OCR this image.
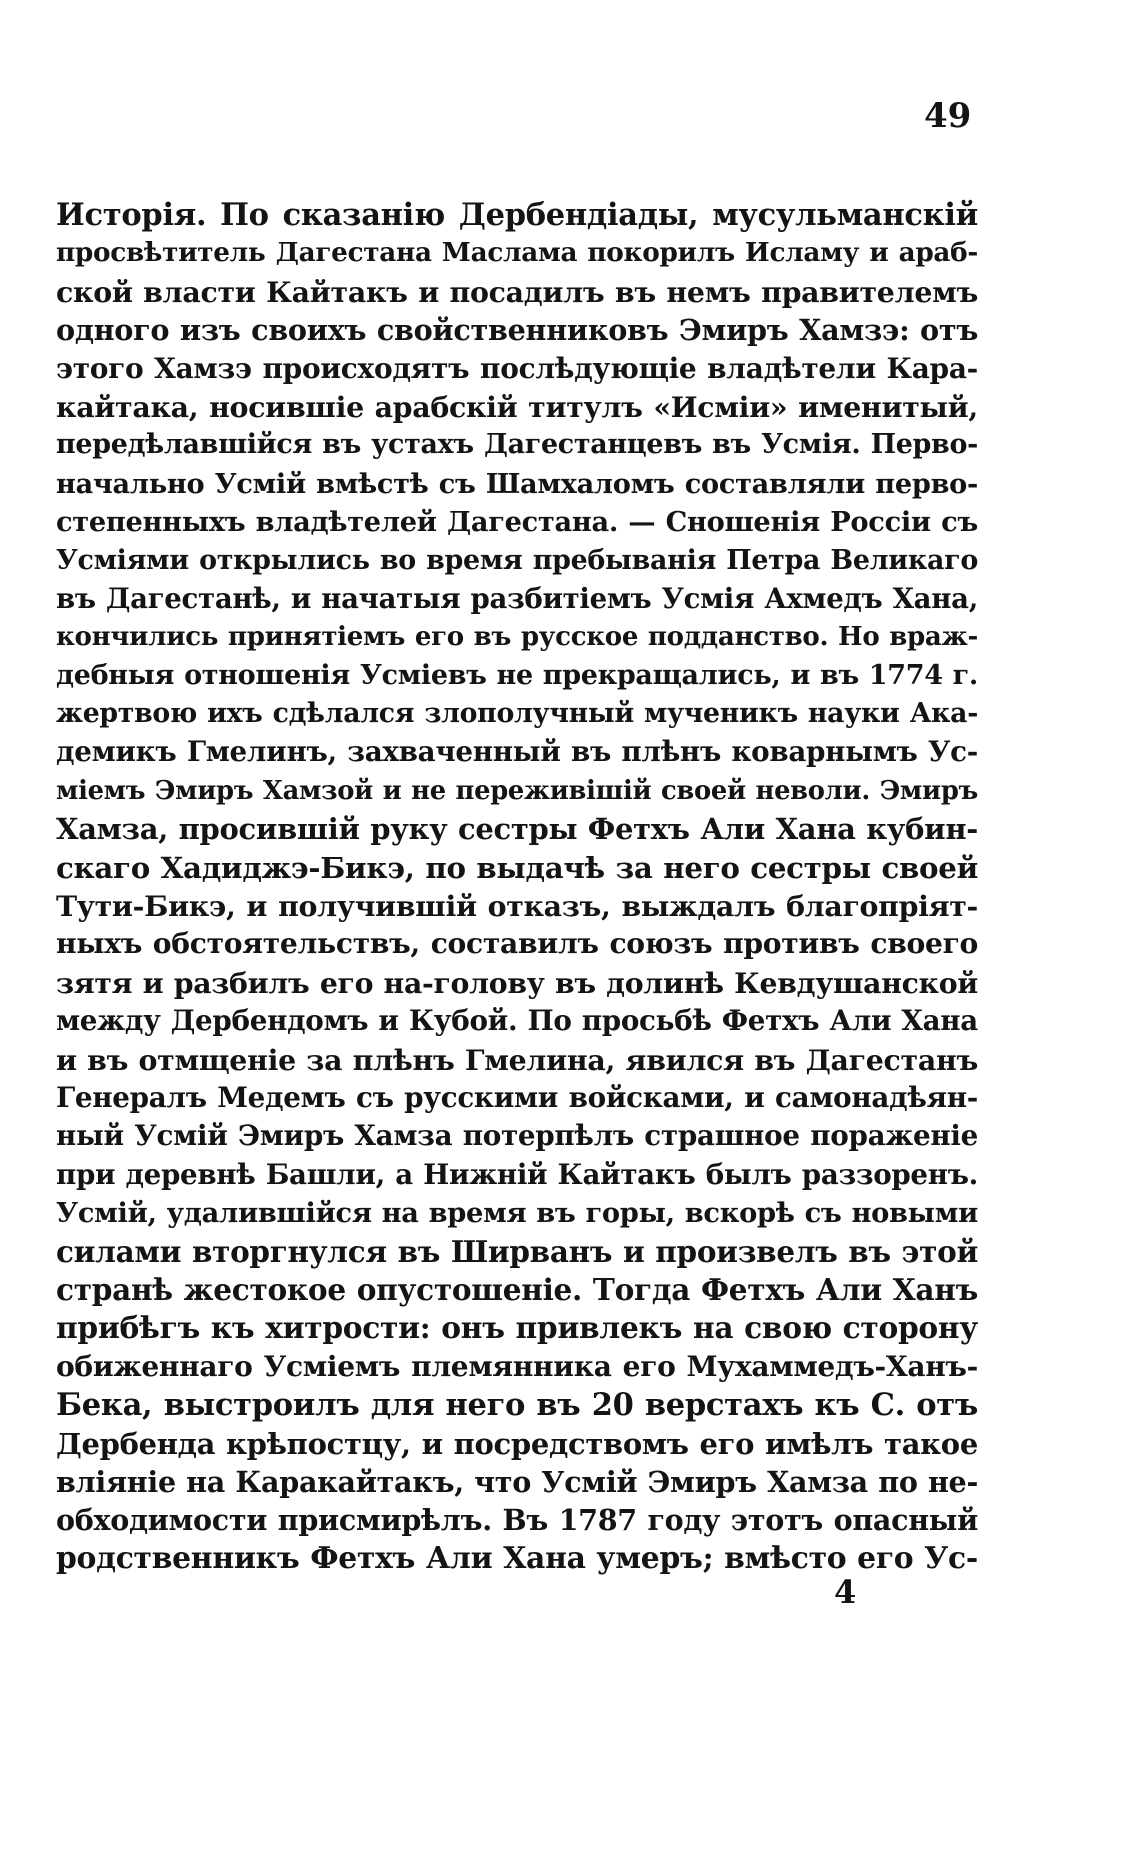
49
Исторія. По сказанію Дербендіады, мусульманскій
просвѣтитель Дагестана Маслама покорилъ Исламу и араб-
ской власти Кайтакъ и посадилъ въ немъ правителемъ
одного изъ своихъ свойственниковъ Эмиръ Хамзэ: отъ
этого Хамзэ происходятъ послѣдующіе владѣтели Кара-
кайтака, носившіе арабскій титулъ «Исміи» именитый,
передѣлавшійся въ устахъ Дагестанцевъ въ Усмія. Перво-
начально Усмій вмѣстѣ съ Шамхаломъ составляли перво-
степенныхъ владѣтелей Дагестана. — Сношенія Россіи съ
Усміями открылись во время пребыванія Петра Великаго
въ Дагестанѣ, и начатыя разбитіемъ Усмія Ахмедъ Хана,
кончились принятіемъ его въ русское подданство. Но враж-
дебныя отношенія Усміевъ не прекращались, и въ 1774 г.
жертвою ихъ сдѣлался злополучный мученикъ науки Ака-
демикъ Гмелинъ, захваченный въ плѣнъ коварнымъ Ус-
міемъ Эмиръ Хамзой и не переживішій своей неволи. Эмиръ
Хамза, просившій руку сестры Фетхъ Али Хана кубин-
скаго Хадиджэ-Бикэ, по выдачѣ за него сестры своей
Тути-Бикэ, и получившій отказъ, выждалъ благопріят-
ныхъ обстоятельствъ, составилъ союзъ противъ своего
зятя и разбилъ его на-голову въ долинѣ Кевдушанской
между Дербендомъ и Кубой. По просьбѣ Фетхъ Али Хана
и въ отмщеніе за плѣнъ Гмелина, явился въ Дагестанъ
Генералъ Медемъ съ русскими войсками, и самонадѣян-
ный Усмій Эмиръ Хамза потерпѣлъ страшное пораженіе
при деревнѣ Башли, а Нижній Кайтакъ былъ раззоренъ.
Усмій, удалившійся на время въ горы, вскорѣ съ новыми
силами вторгнулся въ Ширванъ и произвелъ въ этой
странѣ жестокое опустошеніе. Тогда Фетхъ Али Ханъ
прибѣгъ къ хитрости: онъ привлекъ на свою сторону
обиженнаго Усміемъ племянника его Мухаммедъ-Ханъ-
Бека, выстроилъ для него въ 20 верстахъ къ С. отъ
Дербенда крѣпостцу, и посредствомъ его имѣлъ такое
вліяніе на Каракайтакъ, что Усмій Эмиръ Хамза по не-
обходимости присмирѣлъ. Въ 1787 году этотъ опасный
родственникъ Фетхъ Али Хана умеръ; вмѣсто его Ус-
4
